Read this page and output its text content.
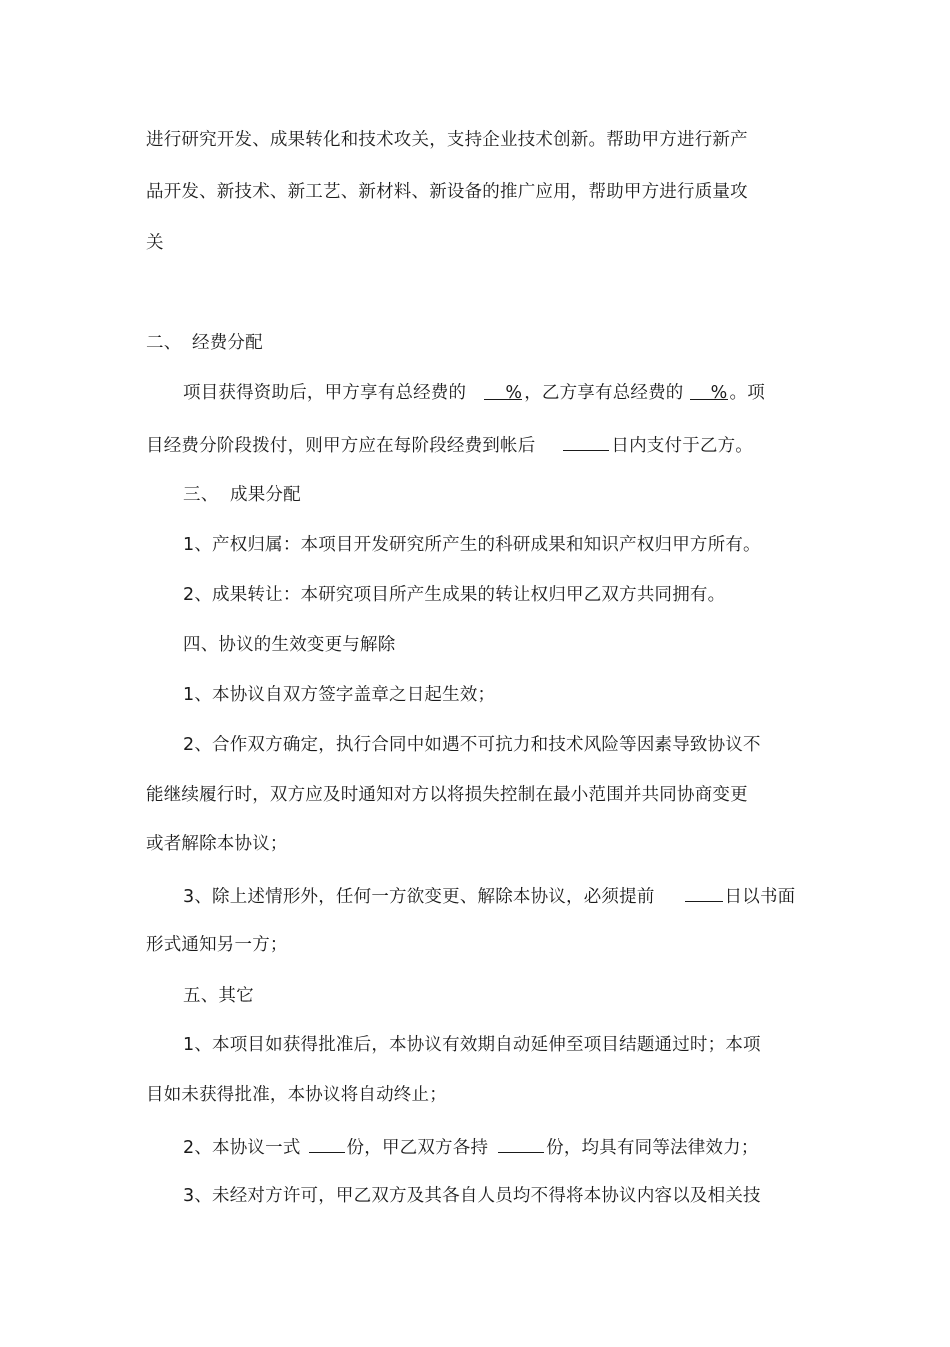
进行研究开发、成果转化和技术攻关，支持企业技术创新。帮助甲方进行新产
品开发、新技术、新工艺、新材料、新设备的推广应用，帮助甲方进行质量攻
关
二、 经费分配
项目获得资助后，甲方享有总经费的 % ，乙方享有总经费的 % 。项
目经费分阶段拨付，则甲方应在每阶段经费到帐后	日内支付于乙方。
三、 成果分配
1、产权归属：本项目开发研究所产生的科研成果和知识产权归甲方所有。
2、成果转让：本研究项目所产生成果的转让权归甲乙双方共同拥有。
四、协议的生效变更与解除
1、本协议自双方签字盖章之日起生效；
2、合作双方确定，执行合同中如遇不可抗力和技术风险等因素导致协议不
能继续履行时，双方应及时通知对方以将损失控制在最小范围并共同协商变更
或者解除本协议；
3、除上述情形外，任何一方欲变更、解除本协议，必须提前	日以书面
形式通知另一方；
五、其它
1、本项目如获得批准后，本协议有效期自动延伸至项目结题通过时；本项
目如未获得批准，本协议将自动终止；
2、本协议一式	份，甲乙双方各持	份，均具有同等法律效力；
3、未经对方许可，甲乙双方及其各自人员均不得将本协议内容以及相关技
